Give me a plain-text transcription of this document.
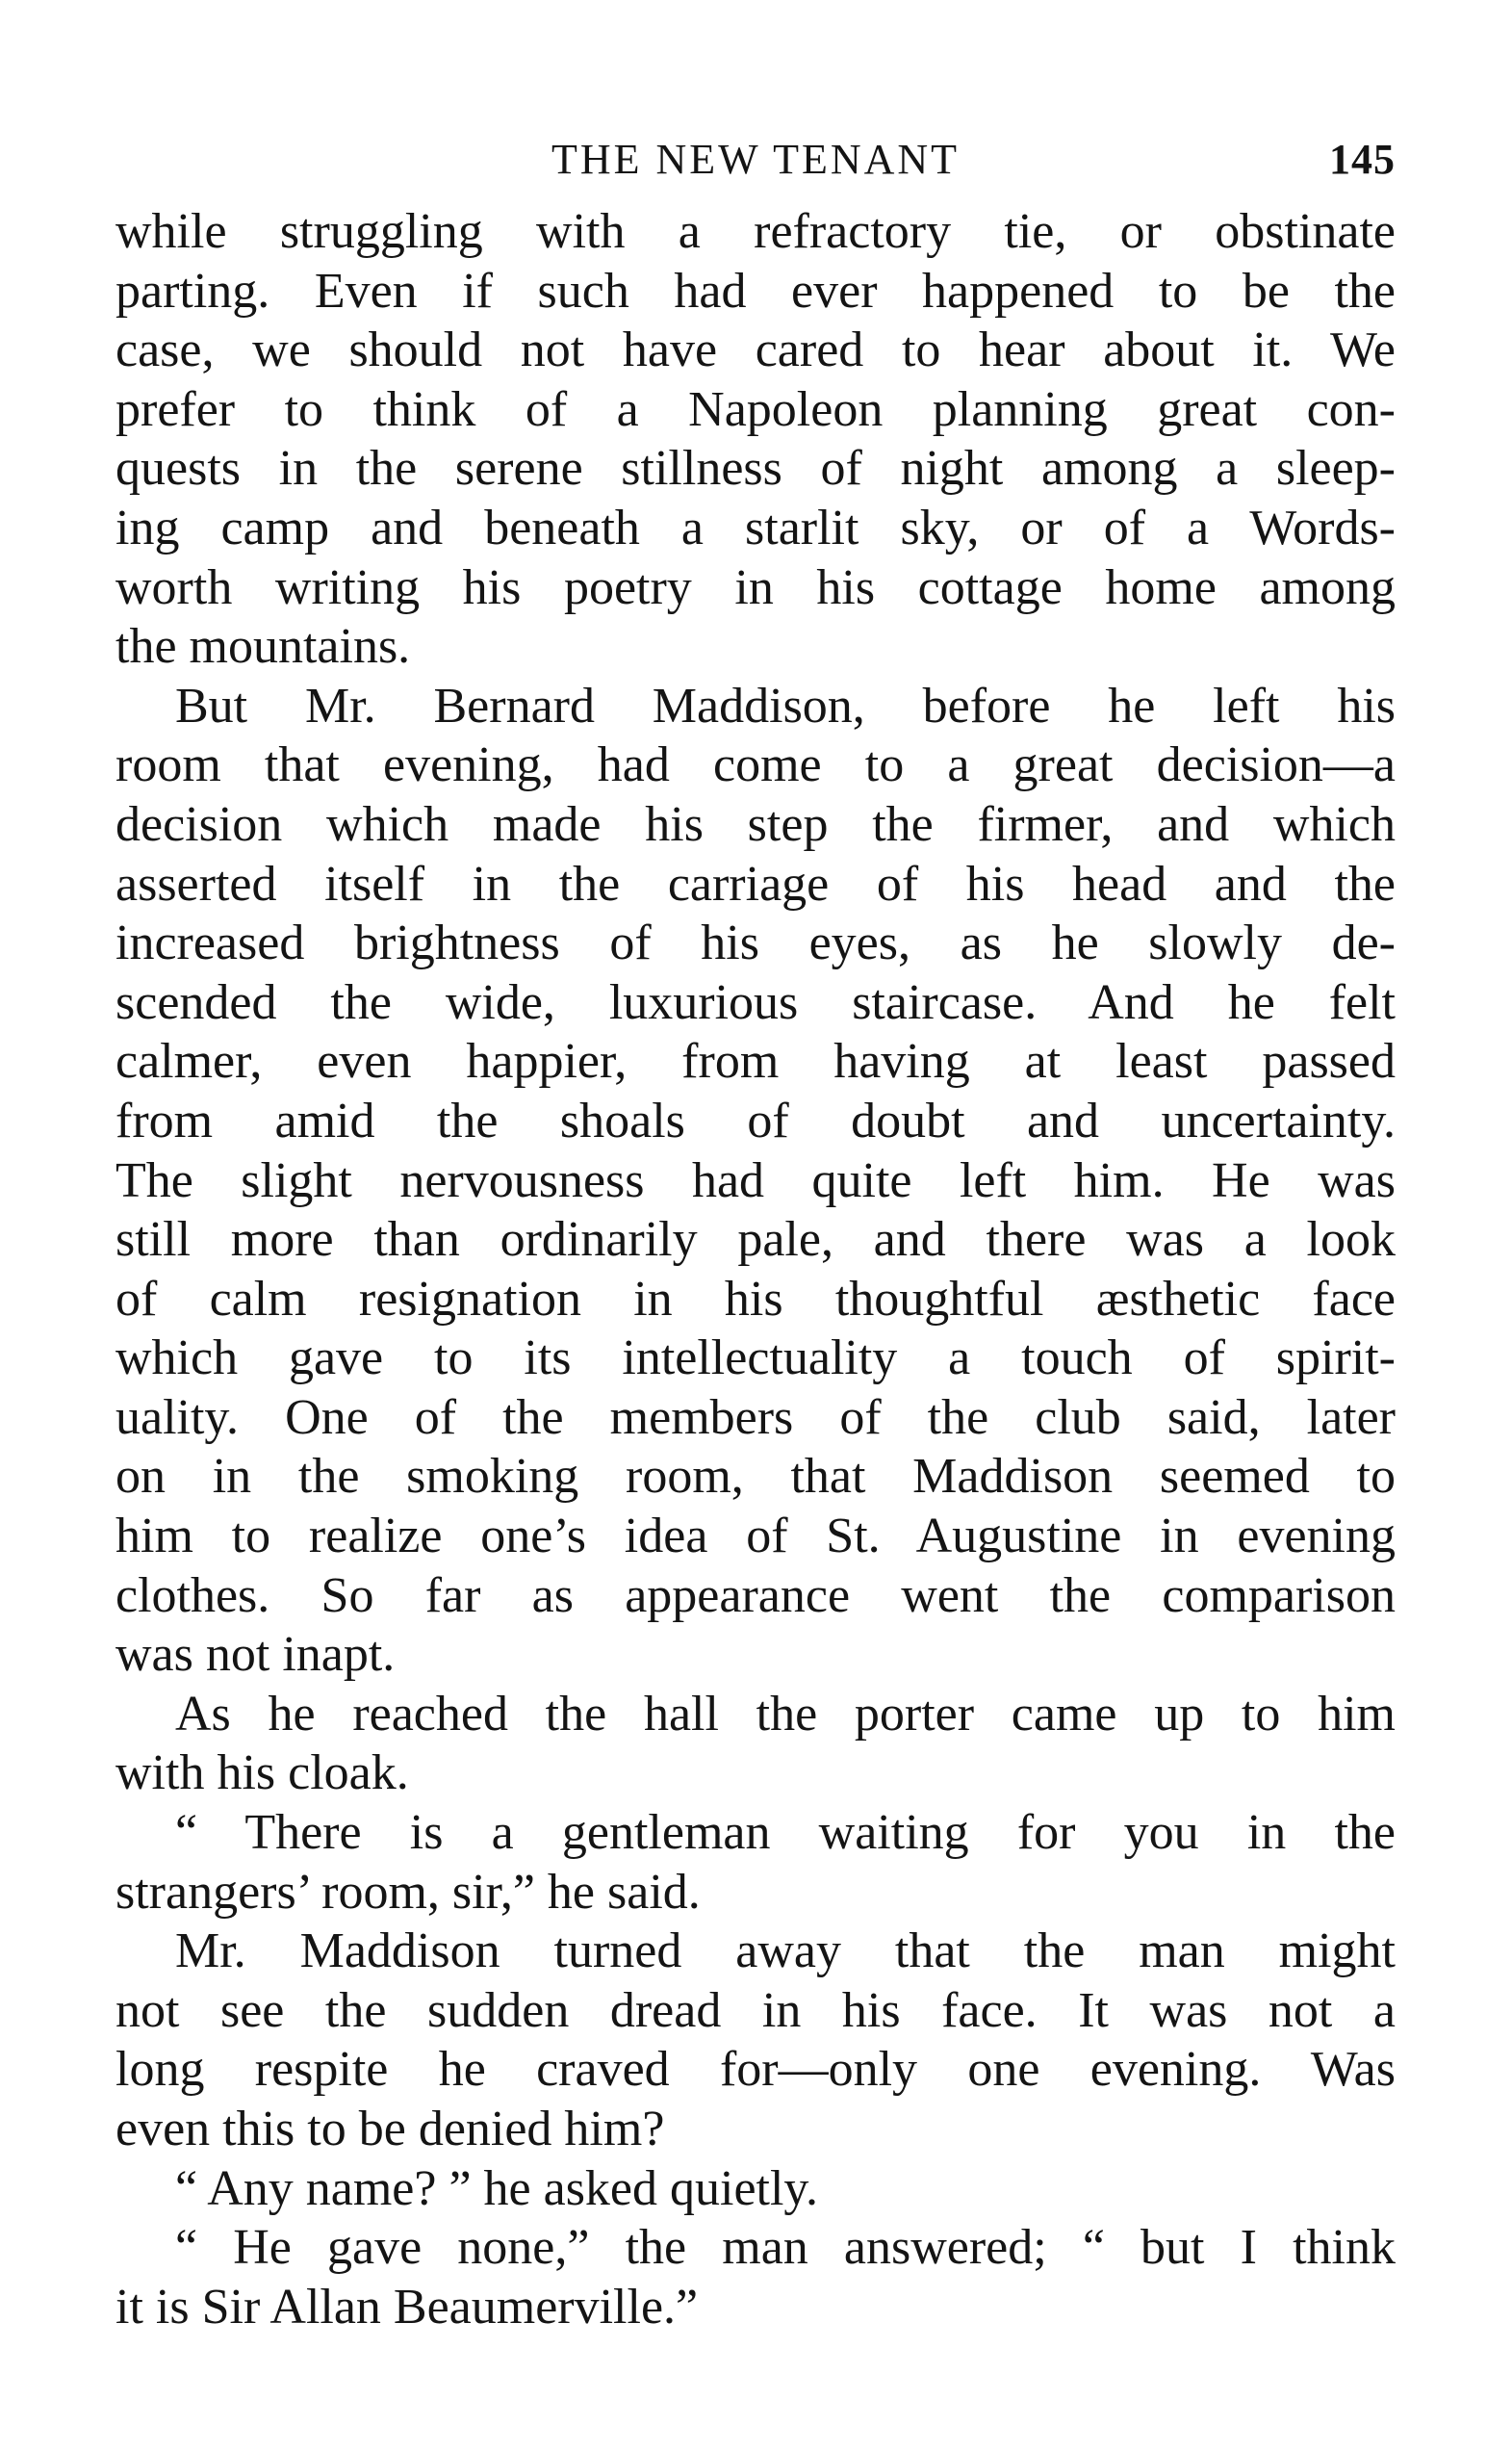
THE NEW TENANT	145

while struggling with a refractory tie, or obstinate
parting. Even if such had ever happened to be the
case, we should not have cared to hear about it. We
prefer to think of a Napoleon planning great con-
quests in the serene stillness of night among a sleep-
ing camp and beneath a starlit sky, or of a Words-
worth writing his poetry in his cottage home among
the mountains.

But Mr. Bernard Maddison, before he left his
room that evening, had come to a great decision—a
decision which made his step the firmer, and which
asserted itself in the carriage of his head and the
increased brightness of his eyes, as he slowly de-
scended the wide, luxurious staircase. And he felt
calmer, even happier, from having at least passed
from amid the shoals of doubt and uncertainty.
The slight nervousness had quite left him. He was
still more than ordinarily pale, and there was a look
of calm resignation in his thoughtful æsthetic face
which gave to its intellectuality a touch of spirit-
uality. One of the members of the club said, later
on in the smoking room, that Maddison seemed to
him to realize one’s idea of St. Augustine in evening
clothes. So far as appearance went the comparison
was not inapt.

As he reached the hall the porter came up to him
with his cloak.

“ There is a gentleman waiting for you in the
strangers’ room, sir,” he said.

Mr. Maddison turned away that the man might
not see the sudden dread in his face. It was not a
long respite he craved for—only one evening. Was
even this to be denied him?

“ Any name? ” he asked quietly.

“ He gave none,” the man answered; “ but I think
it is Sir Allan Beaumerville.”
